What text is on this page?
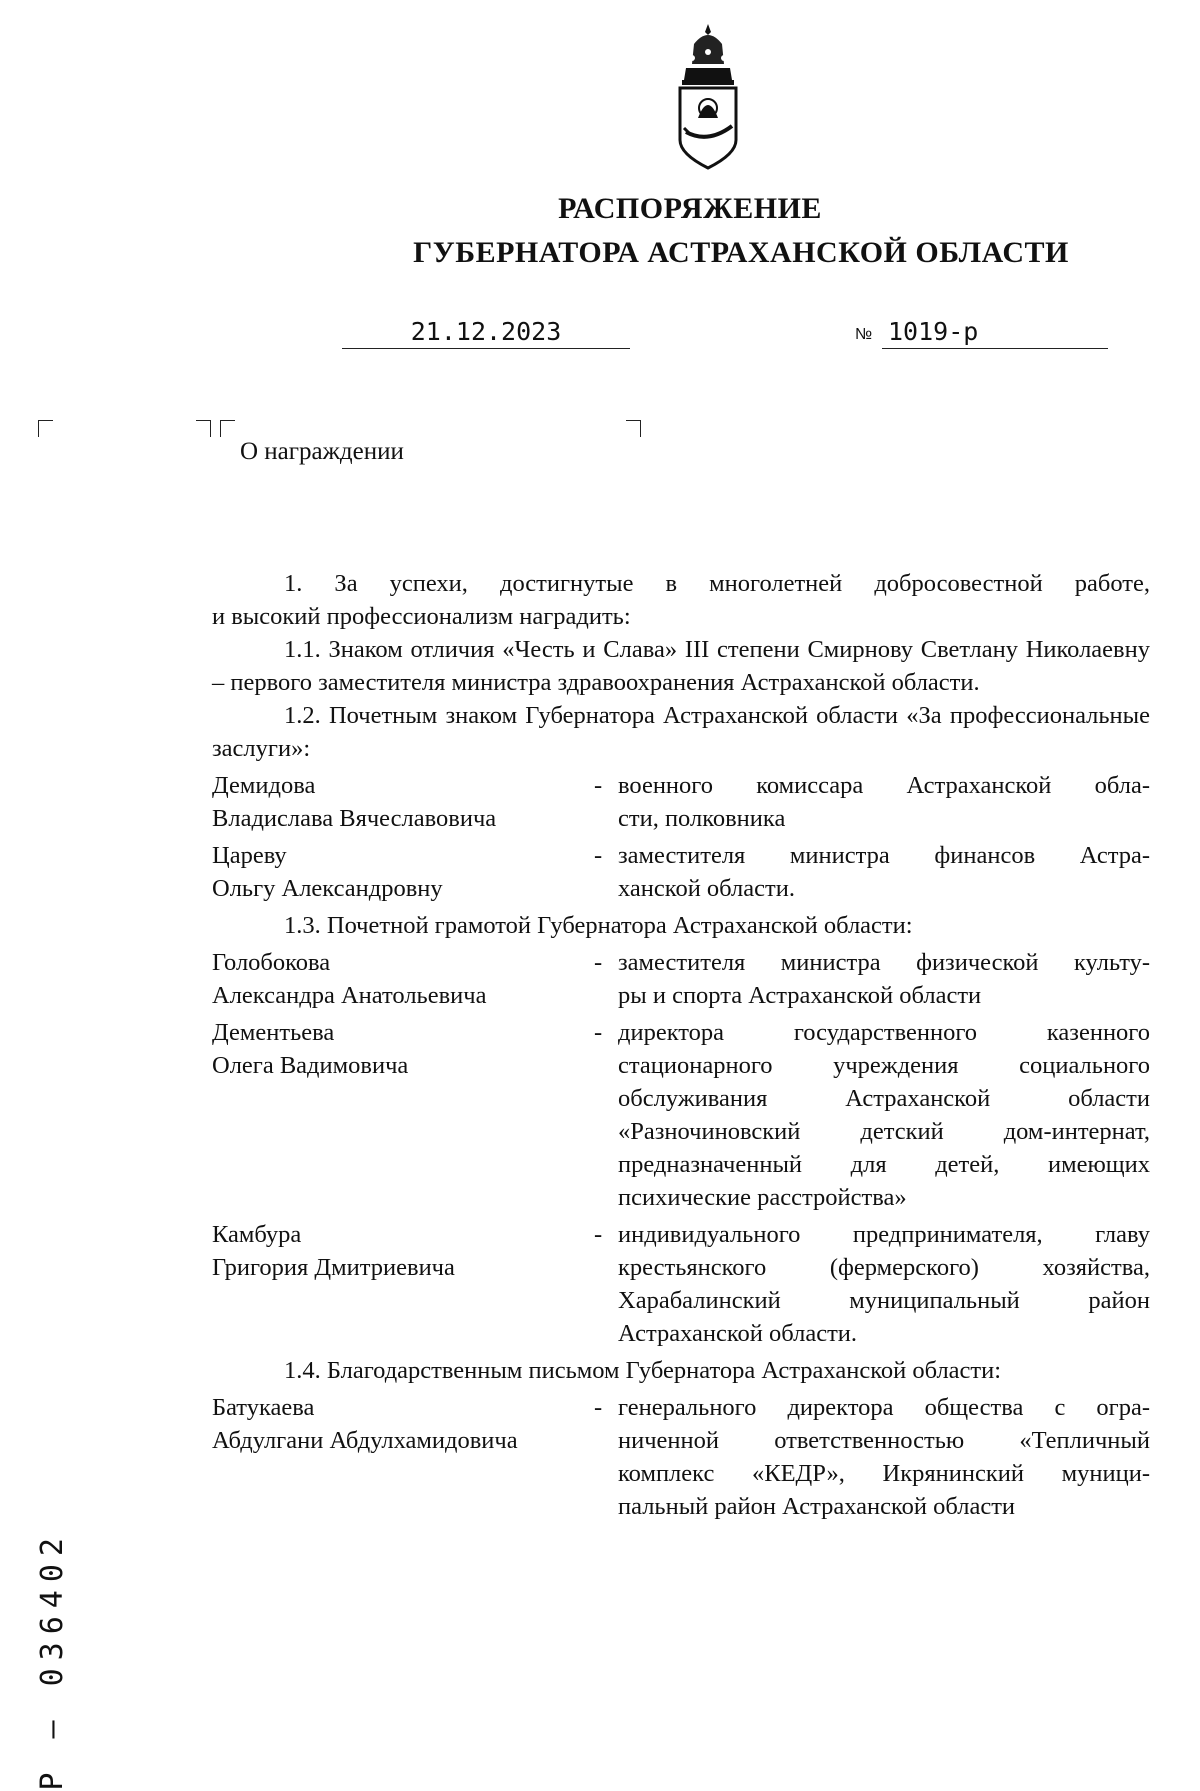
РАСПОРЯЖЕНИЕ
ГУБЕРНАТОРА АСТРАХАНСКОЙ ОБЛАСТИ
21.12.2023	№ 1019-р
О награждении

1. За успехи, достигнутые в многолетней добросовестной работе,

и высокий профессионализм наградить:

1.1. Знаком отличия «Честь и Слава» III степени Смирнову Светлану Николаевну – первого заместителя министра здравоохранения Астраханской области.

1.2. Почетным знаком Губернатора Астраханской области «За профессиональные заслуги»:

Демидова
Владислава Вячеславовича
- военного комиссара Астраханской обла-
сти, полковника
Цареву
Ольгу Александровну
- заместителя министра финансов Астра-
ханской области.

1.3. Почетной грамотой Губернатора Астраханской области:

Голобокова
Александра Анатольевича
- заместителя министра физической культу-
ры и спорта Астраханской области
Дементьева
Олега Вадимовича
- директора государственного казенного
стационарного учреждения социального
обслуживания Астраханской области
«Разночиновский детский дом-интернат,
предназначенный для детей, имеющих
психические расстройства»
Камбура
Григория Дмитриевича
- индивидуального предпринимателя, главу
крестьянского (фермерского) хозяйства,
Харабалинский муниципальный район
Астраханской области.

1.4. Благодарственным письмом Губернатора Астраханской области:

Батукаева
Абдулгани Абдулхамидовича
- генерального директора общества с огра-
ниченной ответственностью «Тепличный
комплекс «КЕДР», Икрянинский муници-
пальный район Астраханской области
Р – 036402
